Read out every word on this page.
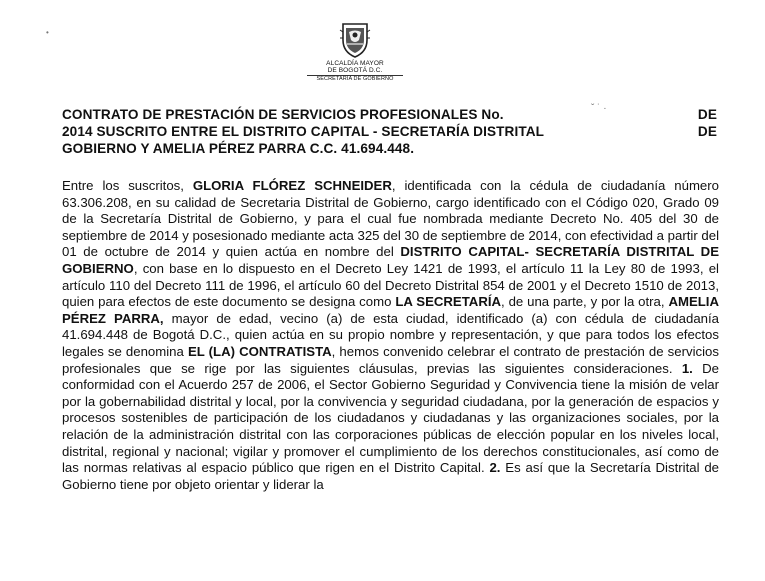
ALCALDÍA MAYOR
DE BOGOTÁ D.C.
SECRETARÍA DE GOBIERNO
CONTRATO DE PRESTACIÓN DE SERVICIOS PROFESIONALES No.	DE
2014 SUSCRITO ENTRE EL DISTRITO CAPITAL - SECRETARÍA DISTRITAL	DE
GOBIERNO Y AMELIA PÉREZ PARRA C.C. 41.694.448.
ˇ ˙ ·
•
Entre los suscritos, GLORIA FLÓREZ SCHNEIDER, identificada con la cédula de ciudadanía número 63.306.208, en su calidad de Secretaria Distrital de Gobierno, cargo identificado con el Código 020, Grado 09 de la Secretaría Distrital de Gobierno, y para el cual fue nombrada mediante Decreto No. 405 del 30 de septiembre de 2014 y posesionado mediante acta 325 del 30 de septiembre de 2014, con efectividad a partir del 01 de octubre de 2014 y quien actúa en nombre del DISTRITO CAPITAL- SECRETARÍA DISTRITAL DE GOBIERNO, con base en lo dispuesto en el Decreto Ley 1421 de 1993, el artículo 11 la Ley 80 de 1993, el artículo 110 del Decreto 111 de 1996, el artículo 60 del Decreto Distrital 854 de 2001 y el Decreto 1510 de 2013, quien para efectos de este documento se designa como LA SECRETARÍA, de una parte, y por la otra, AMELIA PÉREZ PARRA, mayor de edad, vecino (a) de esta ciudad, identificado (a) con cédula de ciudadanía 41.694.448 de Bogotá D.C., quien actúa en su propio nombre y representación, y que para todos los efectos legales se denomina EL (LA) CONTRATISTA, hemos convenido celebrar el contrato de prestación de servicios profesionales que se rige por las siguientes cláusulas, previas las siguientes consideraciones. 1. De conformidad con el Acuerdo 257 de 2006, el Sector Gobierno Seguridad y Convivencia tiene la misión de velar por la gobernabilidad distrital y local, por la convivencia y seguridad ciudadana, por la generación de espacios y procesos sostenibles de participación de los ciudadanos y ciudadanas y las organizaciones sociales, por la relación de la administración distrital con las corporaciones públicas de elección popular en los niveles local, distrital, regional y nacional; vigilar y promover el cumplimiento de los derechos constitucionales, así como de las normas relativas al espacio público que rigen en el Distrito Capital. 2. Es así que la Secretaría Distrital de Gobierno tiene por objeto orientar y liderar la
